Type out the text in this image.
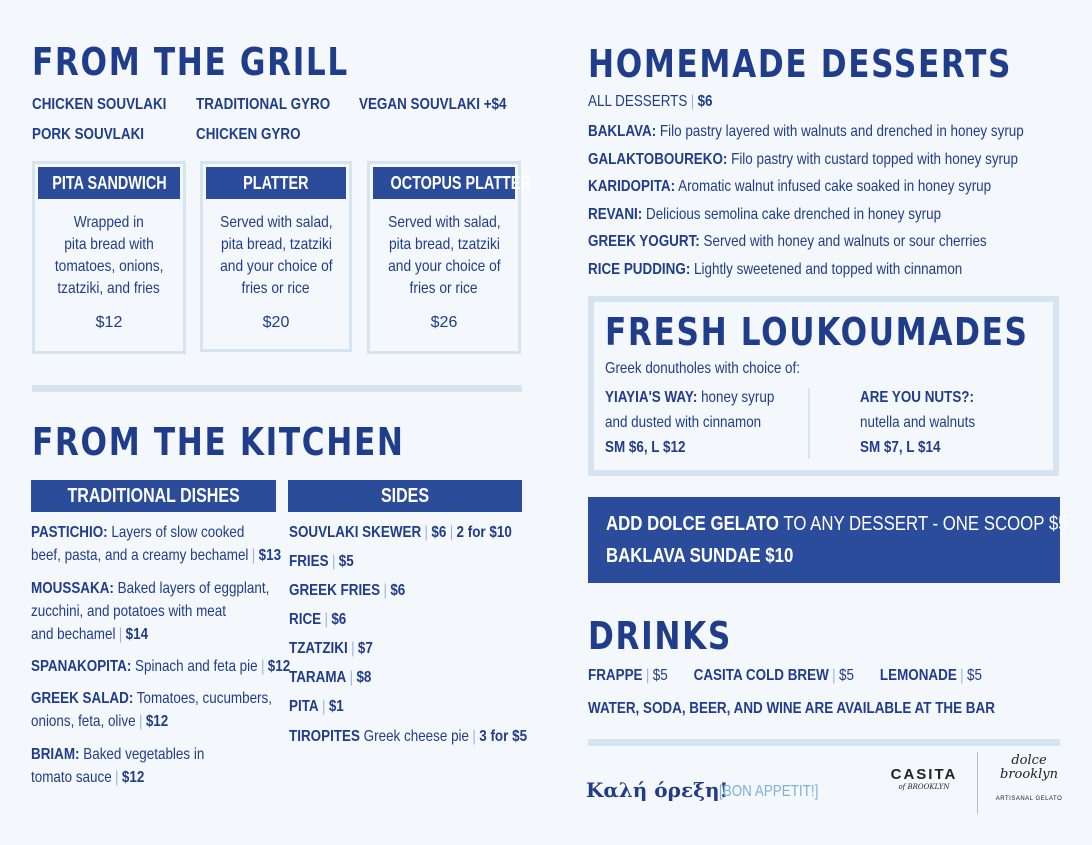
FROM THE GRILL
CHICKEN SOUVLAKI TRADITIONAL GYRO VEGAN SOUVLAKI +$4
PORK SOUVLAKI	CHICKEN GYRO
PITA SANDWICH
Wrapped in
pita bread with
tomatoes, onions,
tzatziki, and fries
$12
PLATTER
Served with salad,
pita bread, tzatziki
and your choice of
fries or rice
$20
OCTOPUS PLATTER
Served with salad,
pita bread, tzatziki
and your choice of
fries or rice
$26
FROM THE KITCHEN
TRADITIONAL DISHES	SIDES
PASTICHIO: Layers of slow cooked
beef, pasta, and a creamy bechamel | $13
MOUSSAKA: Baked layers of eggplant,
zucchini, and potatoes with meat
and bechamel | $14
SPANAKOPITA: Spinach and feta pie | $12
GREEK SALAD: Tomatoes, cucumbers,
onions, feta, olive | $12
BRIAM: Baked vegetables in
tomato sauce | $12
SOUVLAKI SKEWER | $6 | 2 for $10
FRIES | $5
GREEK FRIES | $6
RICE | $6
TZATZIKI | $7
TARAMA | $8
PITA | $1
TIROPITES Greek cheese pie | 3 for $5
HOMEMADE DESSERTS
ALL DESSERTS | $6
BAKLAVA: Filo pastry layered with walnuts and drenched in honey syrup
GALAKTOBOUREKO: Filo pastry with custard topped with honey syrup
KARIDOPITA: Aromatic walnut infused cake soaked in honey syrup
REVANI: Delicious semolina cake drenched in honey syrup
GREEK YOGURT: Served with honey and walnuts or sour cherries
RICE PUDDING: Lightly sweetened and topped with cinnamon
FRESH LOUKOUMADES
Greek donutholes with choice of:
YIAYIA'S WAY: honey syrup
and dusted with cinnamon
SM $6, L $12
ARE YOU NUTS?:
nutella and walnuts
SM $7, L $14
ADD DOLCE GELATO TO ANY DESSERT - ONE SCOOP $5
BAKLAVA SUNDAE $10
DRINKS
FRAPPE | $5 CASITA COLD BREW | $5 LEMONADE | $5
WATER, SODA, BEER, AND WINE ARE AVAILABLE AT THE BAR
Καλή όρεξη!
[BON APPETIT!]
CASITA
of BROOKLYN
dolce
brooklyn
ARTISANAL GELATO
